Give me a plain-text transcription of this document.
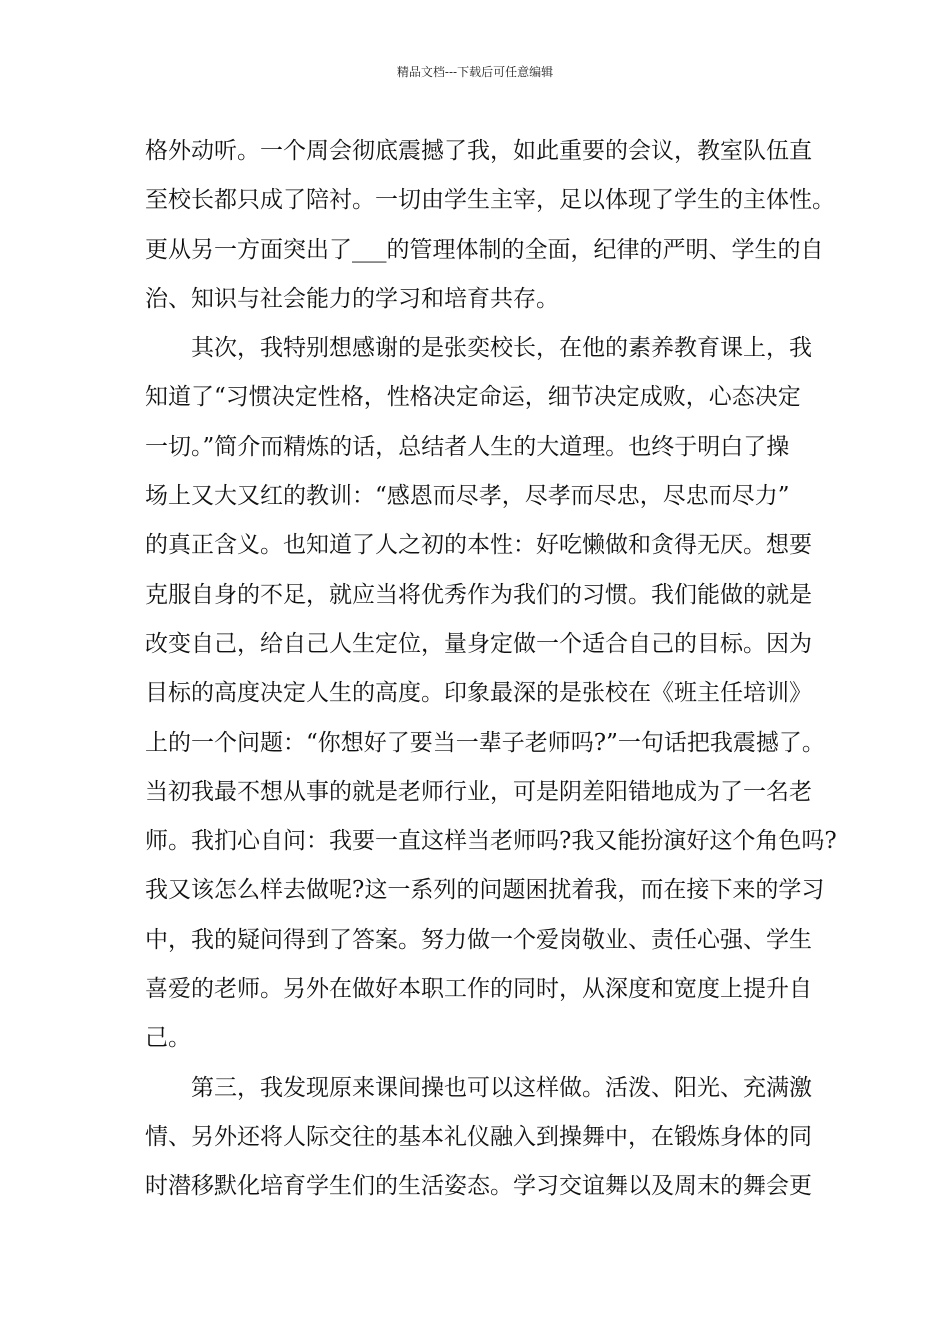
精品文档---下载后可任意编辑
格外动听。一个周会彻底震撼了我，如此重要的会议，教室队伍直
至校长都只成了陪衬。一切由学生主宰，足以体现了学生的主体性。
更从另一方面突出了___的管理体制的全面，纪律的严明、学生的自
治、知识与社会能力的学习和培育共存。
其次，我特别想感谢的是张奕校长，在他的素养教育课上，我
知道了“习惯决定性格，性格决定命运，细节决定成败，心态决定
一切。”简介而精炼的话，总结者人生的大道理。也终于明白了操
场上又大又红的教训：“感恩而尽孝，尽孝而尽忠，尽忠而尽力”
的真正含义。也知道了人之初的本性：好吃懒做和贪得无厌。想要
克服自身的不足，就应当将优秀作为我们的习惯。我们能做的就是
改变自己，给自己人生定位，量身定做一个适合自己的目标。因为
目标的高度决定人生的高度。印象最深的是张校在《班主任培训》
上的一个问题：“你想好了要当一辈子老师吗?”一句话把我震撼了。
当初我最不想从事的就是老师行业，可是阴差阳错地成为了一名老
师。我扪心自问：我要一直这样当老师吗?我又能扮演好这个角色吗?
我又该怎么样去做呢?这一系列的问题困扰着我，而在接下来的学习
中，我的疑问得到了答案。努力做一个爱岗敬业、责任心强、学生
喜爱的老师。另外在做好本职工作的同时，从深度和宽度上提升自
己。
第三，我发现原来课间操也可以这样做。活泼、阳光、充满激
情、另外还将人际交往的基本礼仪融入到操舞中，在锻炼身体的同
时潜移默化培育学生们的生活姿态。学习交谊舞以及周末的舞会更
